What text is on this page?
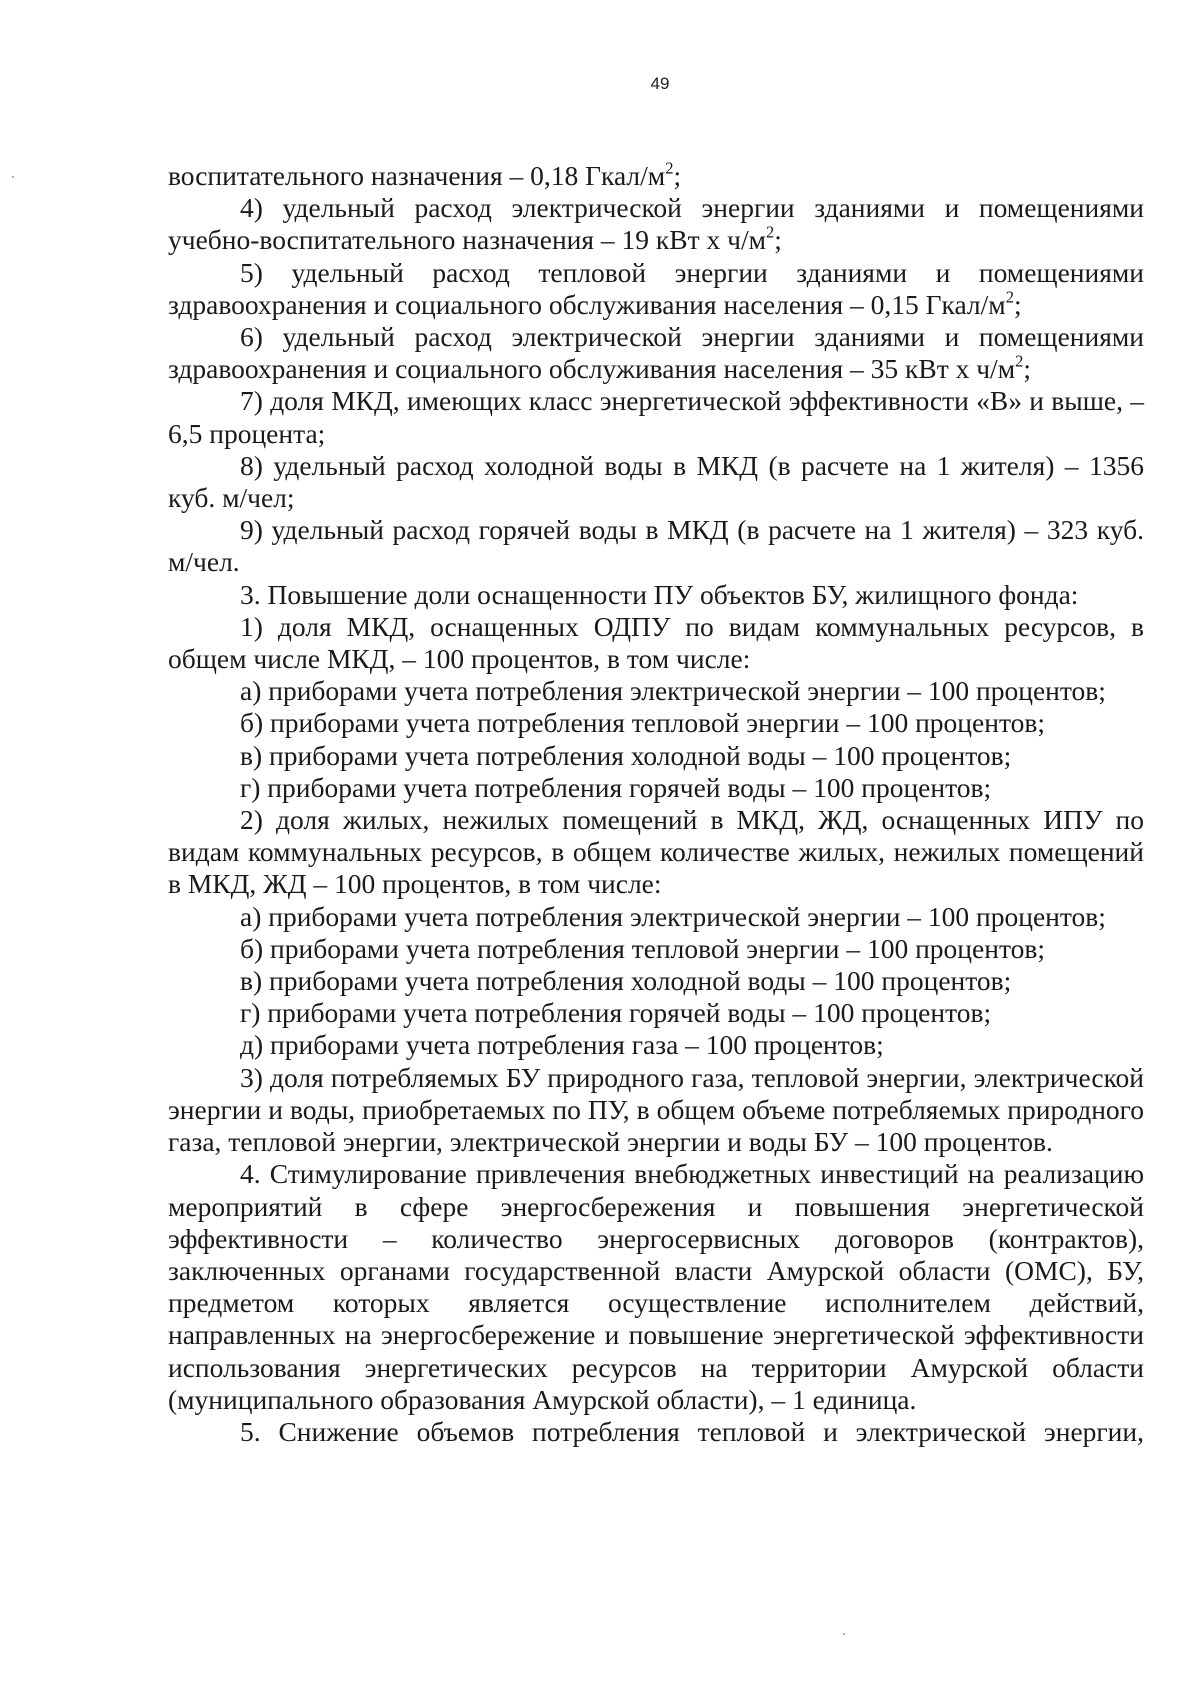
49

воспитательного назначения – 0,18 Гкал/$м^2$;

4) удельный расход электрической энергии зданиями и помещениями учебно-воспитательного назначения – 19 кВт х $ч/м^2$;

5) удельный расход тепловой энергии зданиями и помещениями здравоохранения и социального обслуживания населения – 0,15 Гкал/$м^2$;

6) удельный расход электрической энергии зданиями и помещениями здравоохранения и социального обслуживания населения – 35 кВт х $ч/м^2$;

7) доля МКД, имеющих класс энергетической эффективности «В» и выше, – 6,5 процента;

8) удельный расход холодной воды в МКД (в расчете на 1 жителя) – 1356 куб. м/чел;

9) удельный расход горячей воды в МКД (в расчете на 1 жителя) – 323 куб. м/чел.

3. Повышение доли оснащенности ПУ объектов БУ, жилищного фонда:

1) доля МКД, оснащенных ОДПУ по видам коммунальных ресурсов, в общем числе МКД, – 100 процентов, в том числе:

а) приборами учета потребления электрической энергии – 100 процентов;

б) приборами учета потребления тепловой энергии – 100 процентов;

в) приборами учета потребления холодной воды – 100 процентов;

г) приборами учета потребления горячей воды – 100 процентов;

2) доля жилых, нежилых помещений в МКД, ЖД, оснащенных ИПУ по видам коммунальных ресурсов, в общем количестве жилых, нежилых помещений в МКД, ЖД – 100 процентов, в том числе:

а) приборами учета потребления электрической энергии – 100 процентов;

б) приборами учета потребления тепловой энергии – 100 процентов;

в) приборами учета потребления холодной воды – 100 процентов;

г) приборами учета потребления горячей воды – 100 процентов;

д) приборами учета потребления газа – 100 процентов;

3) доля потребляемых БУ природного газа, тепловой энергии, электрической энергии и воды, приобретаемых по ПУ, в общем объеме потребляемых природного газа, тепловой энергии, электрической энергии и воды БУ – 100 процентов.

4. Стимулирование привлечения внебюджетных инвестиций на реализацию мероприятий в сфере энергосбережения и повышения энергетической эффективности – количество энергосервисных договоров (контрактов), заключенных органами государственной власти Амурской области (ОМС), БУ, предметом которых является осуществление исполнителем действий, направленных на энергосбережение и повышение энергетической эффективности использования энергетических ресурсов на территории Амурской области (муниципального образования Амурской области), – 1 единица.

5. Снижение объемов потребления тепловой и электрической энергии,
